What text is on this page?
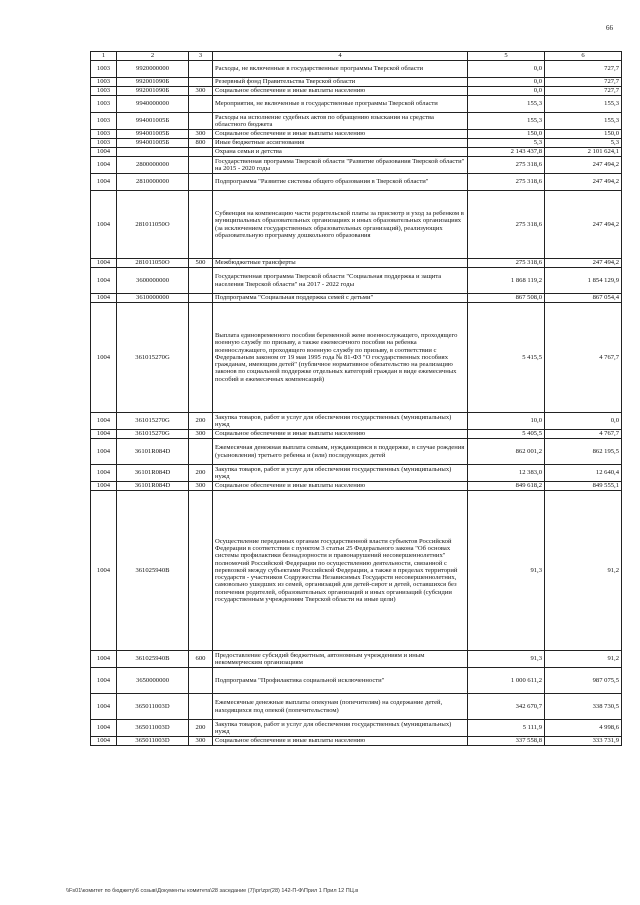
66
1	2	3	4	5	6
1003	9920000000		Расходы, не включенные в государственные программы Тверской области	0,0	727,7
1003	992001090Б		Резервный фонд Правительства Тверской области	0,0	727,7
1003	992001090Б	300	Социальное обеспечение и иные выплаты населению	0,0	727,7
1003	9940000000		Мероприятия, не включенные в государственные программы Тверской области	155,3	155,3
1003	994001005Б		Расходы на исполнение судебных актов по обращению взыскания на средства областного бюджета	155,3	155,3
1003	994001005Б	300	Социальное обеспечение и иные выплаты населению	150,0	150,0
1003	994001005Б	800	Иные бюджетные ассигнования	5,3	5,3
1004			Охрана семьи и детства	2 143 437,8	2 101 624,1
1004	2800000000		Государственная программа Тверской области "Развитие образования Тверской области" на 2015 - 2020 годы	275 318,6	247 494,2
1004	2810000000		Подпрограмма "Развитие системы общего образования в Тверской области"	275 318,6	247 494,2
1004	281011050О		Субвенция на компенсацию части родительской платы за присмотр и уход за ребенком в муниципальных образовательных организациях и иных образовательных организациях (за исключением государственных образовательных организаций), реализующих образовательную программу дошкольного образования	275 318,6	247 494,2
1004	281011050О	500	Межбюджетные трансферты	275 318,6	247 494,2
1004	3600000000		Государственная программа Тверской области "Социальная поддержка и защита населения Тверской области" на 2017 - 2022 годы	1 868 119,2	1 854 129,9
1004	3610000000		Подпрограмма "Социальная поддержка семей с детьми"	867 508,0	867 054,4
1004	361015270G		Выплата единовременного пособия беременной жене военнослужащего, проходящего военную службу по призыву, а также ежемесячного пособия на ребенка военнослужащего, проходящего военную службу по призыву, в соответствии с Федеральным законом от 19 мая 1995 года № 81-ФЗ "О государственных пособиях гражданам, имеющим детей" (публичное нормативное обязательство на реализацию законов по социальной поддержке отдельных категорий граждан в виде ежемесячных пособий и ежемесячных компенсаций)	5 415,5	4 767,7
1004	361015270G	200	Закупка товаров, работ и услуг для обеспечения государственных (муниципальных) нужд	10,0	0,0
1004	361015270G	300	Социальное обеспечение и иные выплаты населению	5 405,5	4 767,7
1004	36101R084D		Ежемесячная денежная выплата семьям, нуждающимся в поддержке, в случае рождения (усыновления) третьего ребенка и (или) последующих детей	862 001,2	862 195,5
1004	36101R084D	200	Закупка товаров, работ и услуг для обеспечения государственных (муниципальных) нужд	12 383,0	12 640,4
1004	36101R084D	300	Социальное обеспечение и иные выплаты населению	849 618,2	849 555,1
1004	361025940В		Осуществление переданных органам государственной власти субъектов Российской Федерации в соответствии с пунктом 3 статьи 25 Федерального закона "Об основах системы профилактики безнадзорности и правонарушений несовершеннолетних" полномочий Российской Федерации по осуществлению деятельности, связанной с перевозкой между субъектами Российской Федерации, а также в пределах территорий государств - участников Содружества Независимых Государств несовершеннолетних, самовольно ушедших из семей, организаций для детей-сирот и детей, оставшихся без попечения родителей, образовательных организаций и иных организаций (субсидии государственным учреждениям Тверской области на иные цели)	91,3	91,2
1004	361025940В	600	Предоставление субсидий бюджетным, автономным учреждениям и иным некоммерческим организациям	91,3	91,2
1004	3650000000		Подпрограмма "Профилактика социальной исключенности"	1 000 611,2	987 075,5
1004	365011003D		Ежемесячные денежные выплаты опекунам (попечителям) на содержание детей, находящихся под опекой (попечительством)	342 670,7	338 730,5
1004	365011003D	200	Закупка товаров, работ и услуг для обеспечения государственных (муниципальных) нужд	5 111,9	4 998,6
1004	365011003D	300	Социальное обеспечение и иные выплаты населению	337 558,8	333 731,9
\\Fs01\комитет по бюджету\6 созыв\Документы комитета\28 заседание (7)\pr\zpr(28) 142-П-Ф\Прил 1 Прил 12 ПЦ.в
